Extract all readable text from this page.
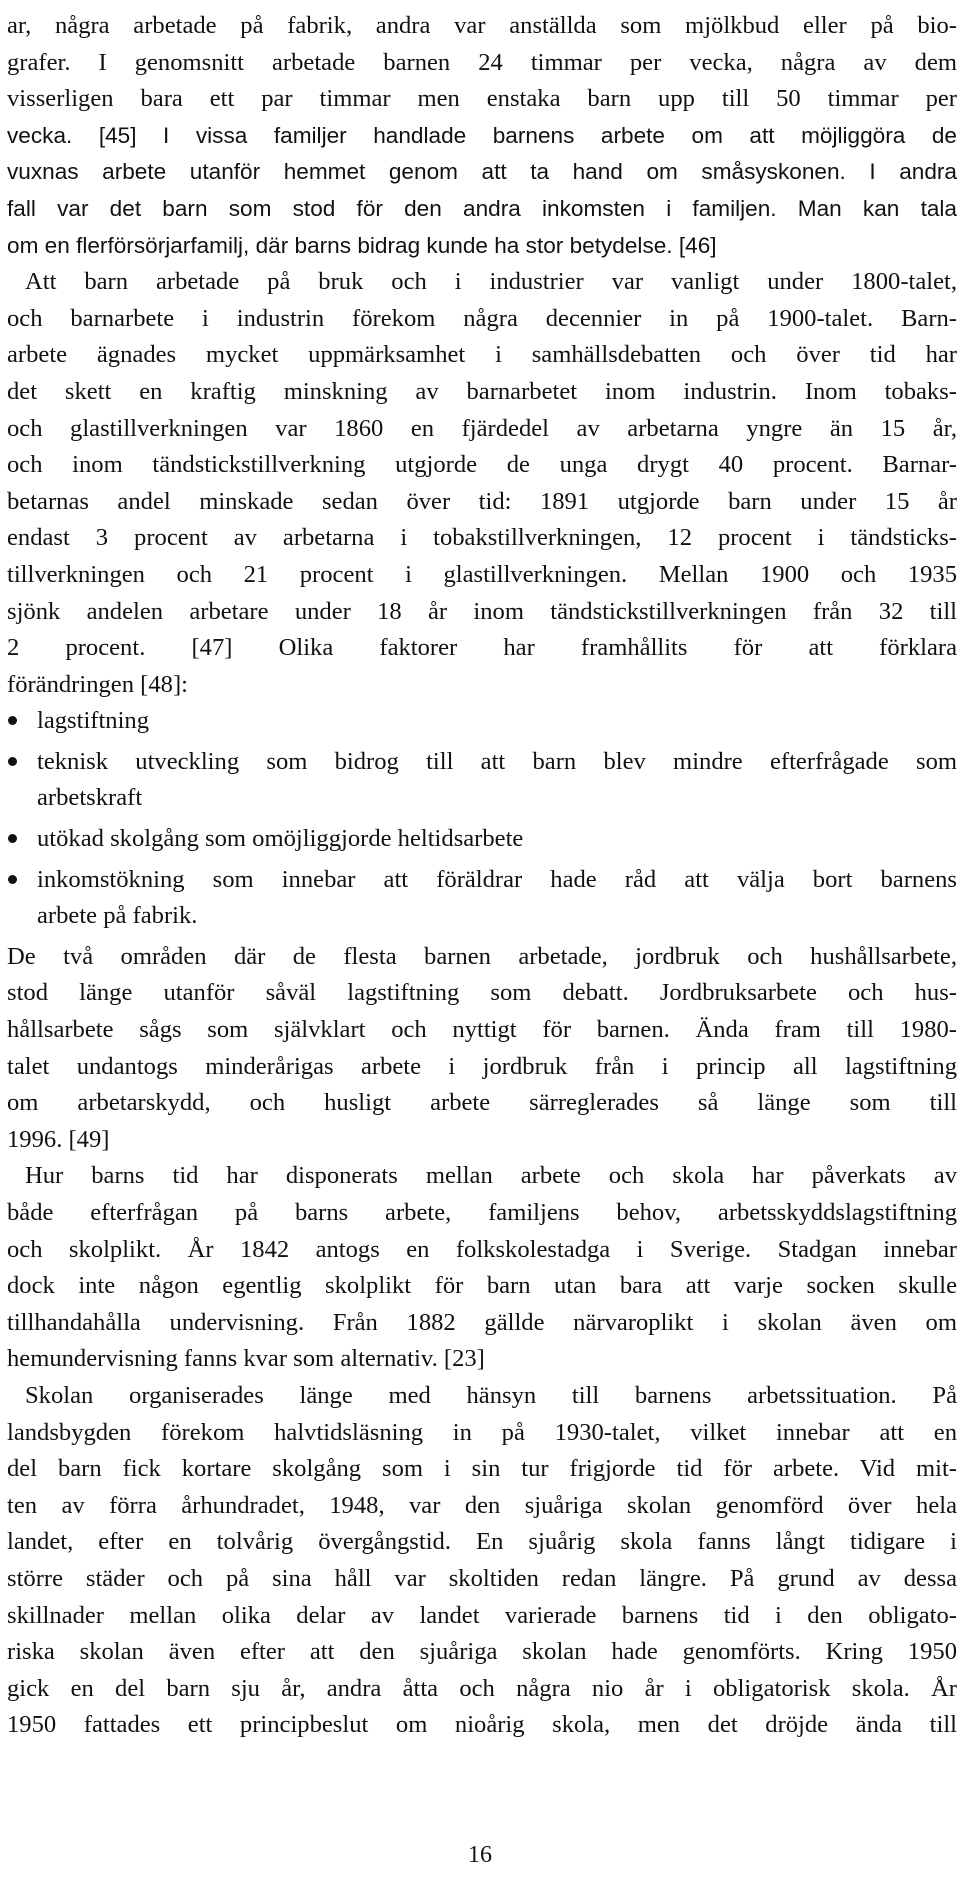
ar, några arbetade på fabrik, andra var anställda som mjölkbud eller på bio-
grafer. I genomsnitt arbetade barnen 24 timmar per vecka, några av dem
visserligen bara ett par timmar men enstaka barn upp till 50 timmar per
vecka. [45] I vissa familjer handlade barnens arbete om att möjliggöra de
vuxnas arbete utanför hemmet genom att ta hand om småsyskonen. I andra
fall var det barn som stod för den andra inkomsten i familjen. Man kan tala
om en flerförsörjarfamilj, där barns bidrag kunde ha stor betydelse. [46]
Att barn arbetade på bruk och i industrier var vanligt under 1800-talet,
och barnarbete i industrin förekom några decennier in på 1900-talet. Barn-
arbete ägnades mycket uppmärksamhet i samhällsdebatten och över tid har
det skett en kraftig minskning av barnarbetet inom industrin. Inom tobaks-
och glastillverkningen var 1860 en fjärdedel av arbetarna yngre än 15 år,
och inom tändstickstillverkning utgjorde de unga drygt 40 procent. Barnar-
betarnas andel minskade sedan över tid: 1891 utgjorde barn under 15 år
endast 3 procent av arbetarna i tobakstillverkningen, 12 procent i tändsticks-
tillverkningen och 21 procent i glastillverkningen. Mellan 1900 och 1935
sjönk andelen arbetare under 18 år inom tändstickstillverkningen från 32 till
2 procent. [47] Olika faktorer har framhållits för att förklara
förändringen [48]:
lagstiftning
teknisk utveckling som bidrog till att barn blev mindre efterfrågade som
arbetskraft
utökad skolgång som omöjliggjorde heltidsarbete
inkomstökning som innebar att föräldrar hade råd att välja bort barnens
arbete på fabrik.
De två områden där de flesta barnen arbetade, jordbruk och hushållsarbete,
stod länge utanför såväl lagstiftning som debatt. Jordbruksarbete och hus-
hållsarbete sågs som självklart och nyttigt för barnen. Ända fram till 1980-
talet undantogs minderårigas arbete i jordbruk från i princip all lagstiftning
om arbetarskydd, och husligt arbete särreglerades så länge som till
1996. [49]
Hur barns tid har disponerats mellan arbete och skola har påverkats av
både efterfrågan på barns arbete, familjens behov, arbetsskyddslagstiftning
och skolplikt. År 1842 antogs en folkskolestadga i Sverige. Stadgan innebar
dock inte någon egentlig skolplikt för barn utan bara att varje socken skulle
tillhandahålla undervisning. Från 1882 gällde närvaroplikt i skolan även om
hemundervisning fanns kvar som alternativ. [23]
Skolan organiserades länge med hänsyn till barnens arbetssituation. På
landsbygden förekom halvtidsläsning in på 1930-talet, vilket innebar att en
del barn fick kortare skolgång som i sin tur frigjorde tid för arbete. Vid mit-
ten av förra århundradet, 1948, var den sjuåriga skolan genomförd över hela
landet, efter en tolvårig övergångstid. En sjuårig skola fanns långt tidigare i
större städer och på sina håll var skoltiden redan längre. På grund av dessa
skillnader mellan olika delar av landet varierade barnens tid i den obligato-
riska skolan även efter att den sjuåriga skolan hade genomförts. Kring 1950
gick en del barn sju år, andra åtta och några nio år i obligatorisk skola. År
1950 fattades ett principbeslut om nioårig skola, men det dröjde ända till
16
